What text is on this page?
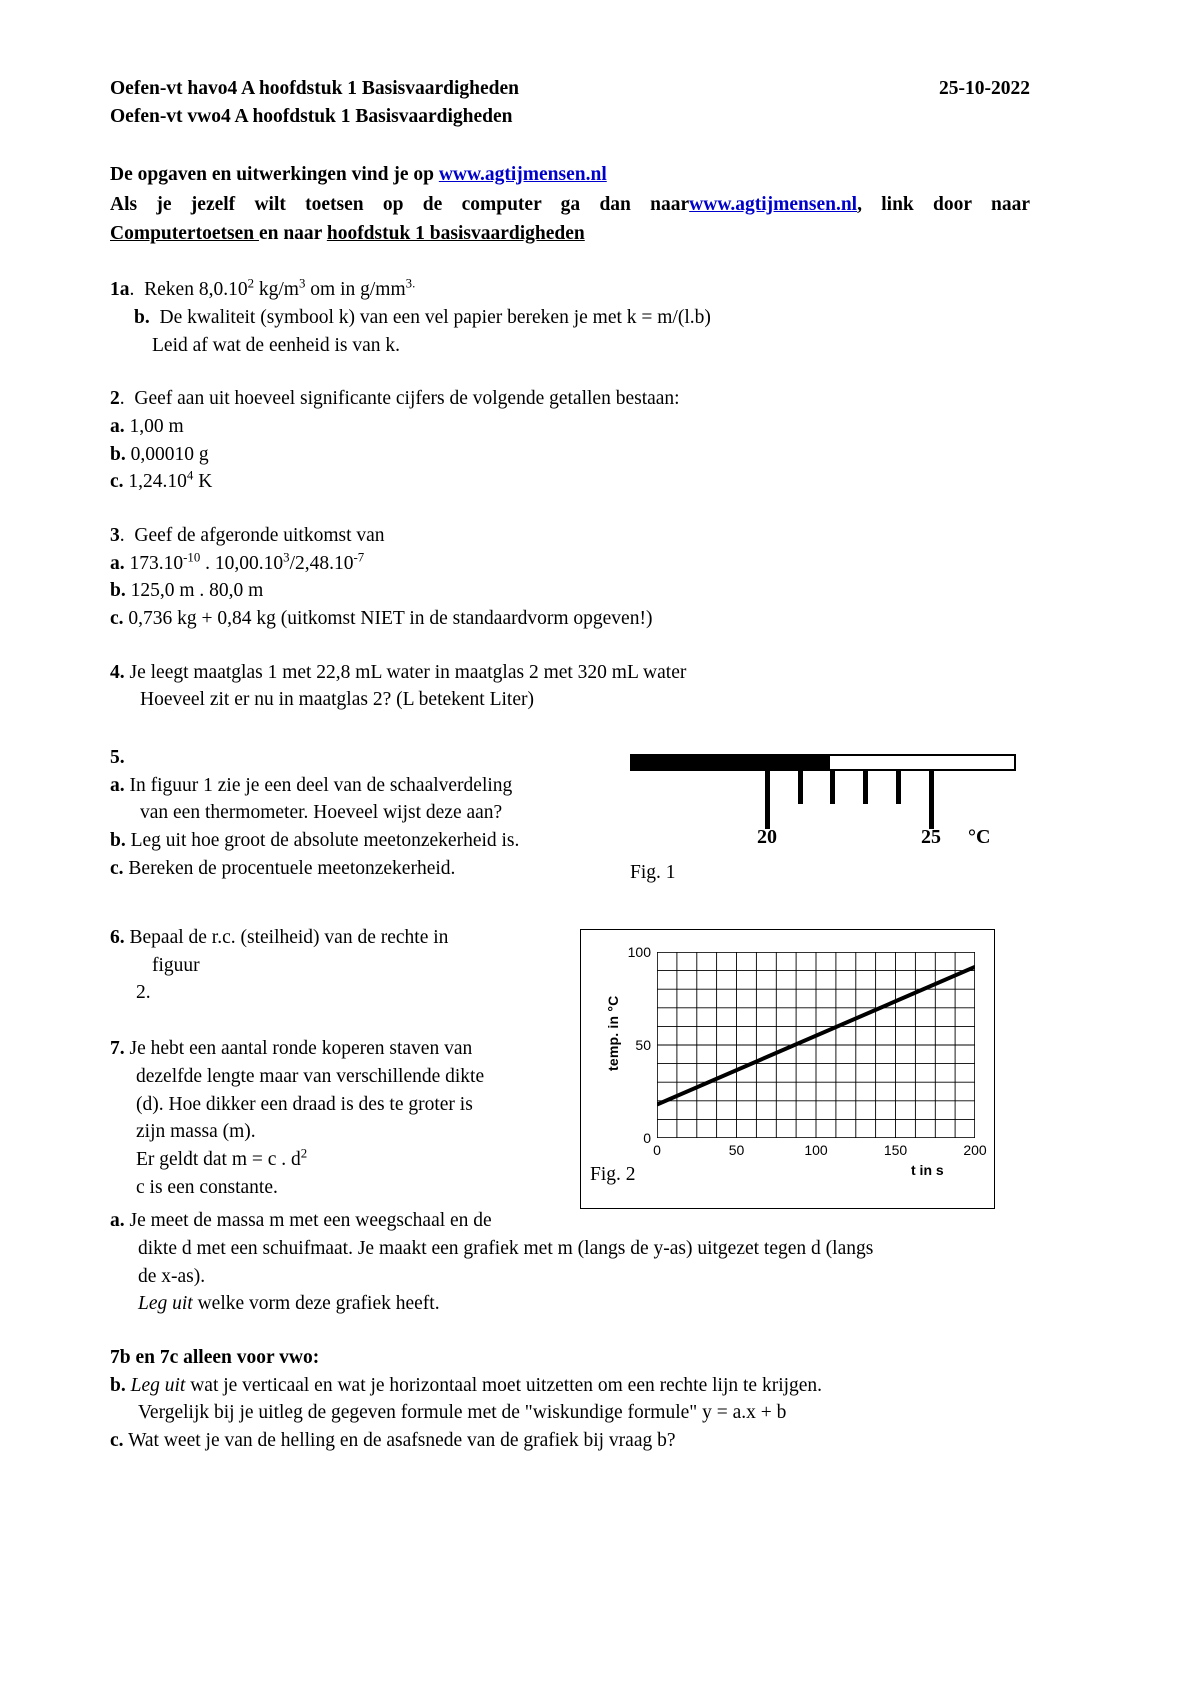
Oefen-vt havo4 A hoofdstuk 1 Basisvaardigheden	25-10-2022
Oefen-vt vwo4 A hoofdstuk 1 Basisvaardigheden
De opgaven en uitwerkingen vind je op www.agtijmensen.nl
Als je jezelf wilt toetsen op de computer ga dan naarwww.agtijmensen.nl, link door naar
Computertoetsen en naar hoofdstuk 1 basisvaardigheden
1a. Reken 8,0.10$^2$ $kg/m^3$ om in $g/mm^{3.}$
b. De kwaliteit (symbool k) van een vel papier bereken je met k = m/(l.b)
Leid af wat de eenheid is van k.
2. Geef aan uit hoeveel significante cijfers de volgende getallen bestaan:
a. 1,00 m
b. 0,00010 g
c. 1,24.10$^4$ K
3. Geef de afgeronde uitkomst van
a. $173.10^{-10}$ . $10,00.10^3/2,48.10^{-7}$
b. 125,0 m . 80,0 m
c. 0,736 kg + 0,84 kg (uitkomst NIET in de standaardvorm opgeven!)
4. Je leegt maatglas 1 met 22,8 mL water in maatglas 2 met 320 mL water
Hoeveel zit er nu in maatglas 2? (L betekent Liter)
5.
a. In figuur 1 zie je een deel van de schaalverdeling
van een thermometer. Hoeveel wijst deze aan?
b. Leg uit hoe groot de absolute meetonzekerheid is.
c. Bereken de procentuele meetonzekerheid.
20	25 °C
Fig. 1
6. Bepaal de r.c. (steilheid) van de rechte in
figuur
2.
7. Je hebt een aantal ronde koperen staven van
dezelfde lengte maar van verschillende dikte
(d). Hoe dikker een draad is des te groter is
zijn massa (m).
Er geldt dat m = c . $d^2$
c is een constante.
temp. in °C
100
50
0
0	50	100	150	200
t in s
Fig. 2
a. Je meet de massa m met een weegschaal en de
dikte d met een schuifmaat. Je maakt een grafiek met m (langs de y-as) uitgezet tegen d (langs
de x-as).
Leg uit welke vorm deze grafiek heeft.
7b en 7c alleen voor vwo:
b. Leg uit wat je verticaal en wat je horizontaal moet uitzetten om een rechte lijn te krijgen.
Vergelijk bij je uitleg de gegeven formule met de "wiskundige formule" y = a.x + b
c. Wat weet je van de helling en de asafsnede van de grafiek bij vraag b?
